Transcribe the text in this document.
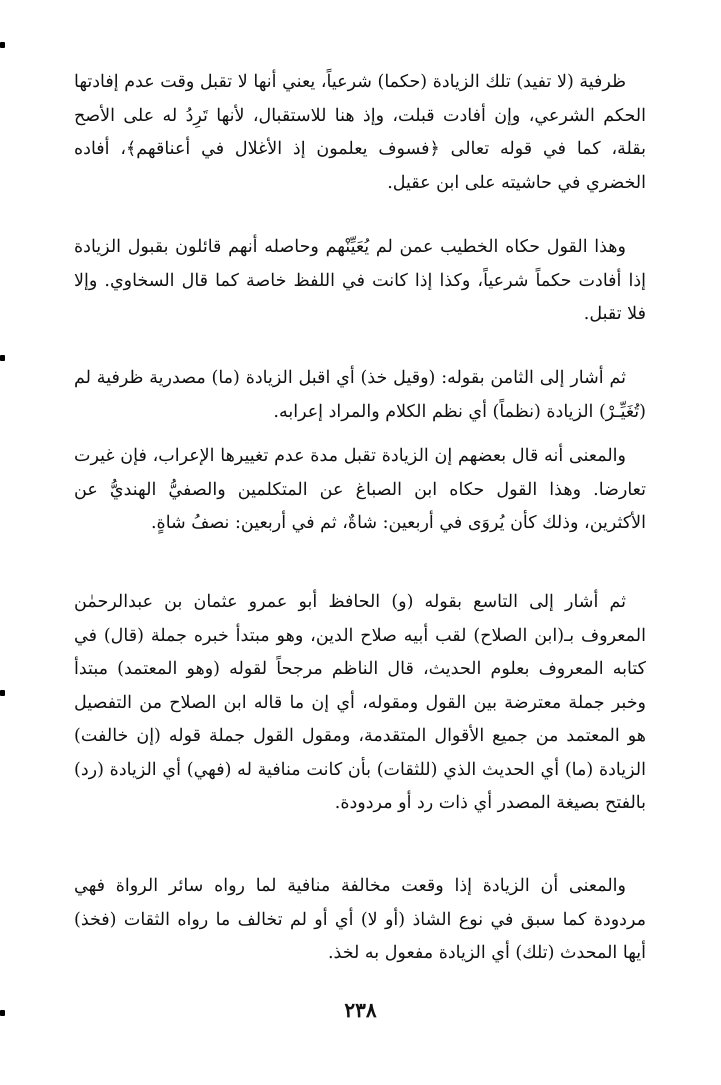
ظرفية (لا تفيد) تلك الزيادة (حكما) شرعياً، يعني أنها لا تقبل وقت عدم إفادتها الحكم الشرعي، وإن أفادت قبلت، وإذ هنا للاستقبال، لأنها تَرِدُ له على الأصح بقلة، كما في قوله تعالى ﴿فسوف يعلمون إذ الأغلال في أعناقهم﴾، أفاده الخضري في حاشيته على ابن عقيل.

وهذا القول حكاه الخطيب عمن لم يُعَيِّنْهم وحاصله أنهم قائلون بقبول الزيادة إذا أفادت حكماً شرعياً، وكذا إذا كانت في اللفظ خاصة كما قال السخاوي. وإلا فلا تقبل.

ثم أشار إلى الثامن بقوله: (وقيل خذ) أي اقبل الزيادة (ما) مصدرية ظرفية لم (تُغَيِّـرْ) الزيادة (نظماً) أي نظم الكلام والمراد إعرابه.

والمعنى أنه قال بعضهم إن الزيادة تقبل مدة عدم تغييرها الإعراب، فإن غيرت تعارضا. وهذا القول حكاه ابن الصباغ عن المتكلمين والصفيُّ الهنديُّ عن الأكثرين، وذلك كأن يُروَى في أربعين: شاةٌ، ثم في أربعين: نصفُ شاةٍ.

ثم أشار إلى التاسع بقوله (و) الحافظ أبو عمرو عثمان بن عبدالرحمٰن المعروف بـ(ابن الصلاح) لقب أبيه صلاح الدين، وهو مبتدأ خبره جملة (قال) في كتابه المعروف بعلوم الحديث، قال الناظم مرجحاً لقوله (وهو المعتمد) مبتدأ وخبر جملة معترضة بين القول ومقوله، أي إن ما قاله ابن الصلاح من التفصيل هو المعتمد من جميع الأقوال المتقدمة، ومقول القول جملة قوله (إن خالفت) الزيادة (ما) أي الحديث الذي (للثقات) بأن كانت منافية له (فهي) أي الزيادة (رد) بالفتح بصيغة المصدر أي ذات رد أو مردودة.

والمعنى أن الزيادة إذا وقعت مخالفة منافية لما رواه سائر الرواة فهي مردودة كما سبق في نوع الشاذ (أو لا) أي أو لم تخالف ما رواه الثقات (فخذ) أيها المحدث (تلك) أي الزيادة مفعول به لخذ.

٢٣٨
